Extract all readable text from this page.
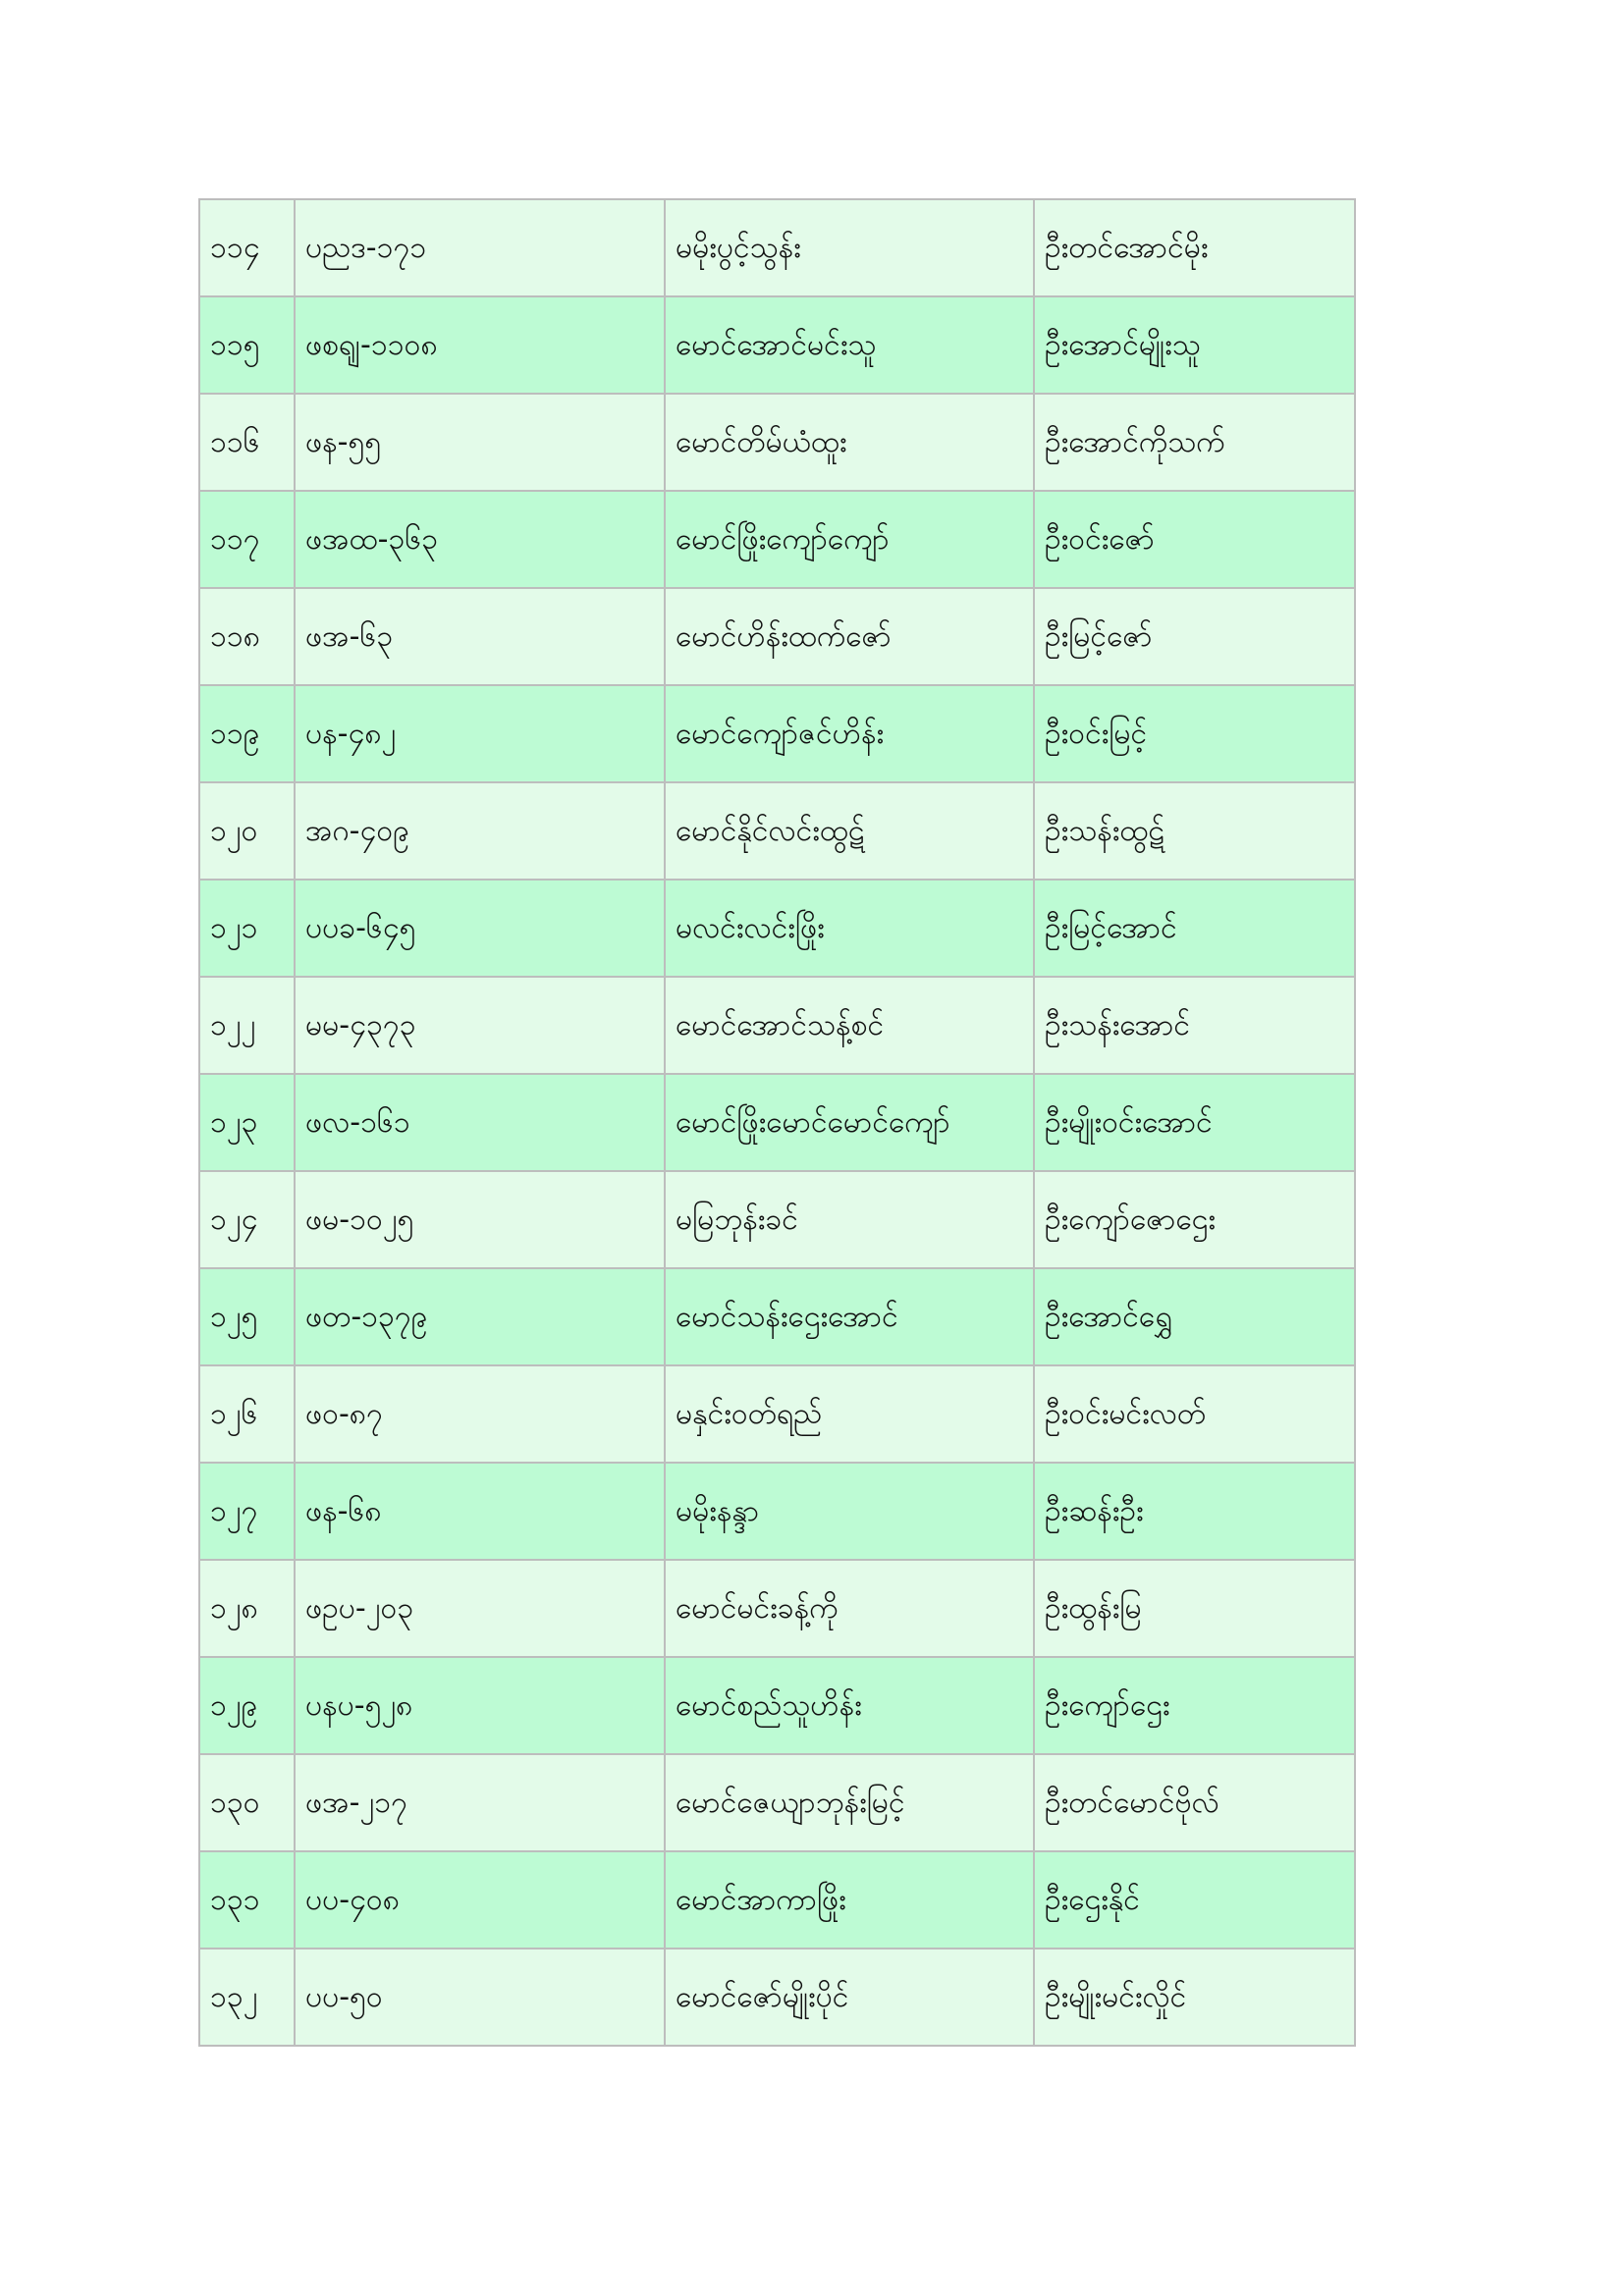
၁၁၄	ပညဒ-၁၇၁	မမိုးပွင့်သွန်း	ဦးတင်အောင်မိုး
၁၁၅	ဖစရျ-၁၁၀၈	မောင်အောင်မင်းသူ	ဦးအောင်မျိုးသူ
၁၁၆	ဖန-၅၅	မောင်တိမ်ယံထူး	ဦးအောင်ကိုသက်
၁၁၇	ဖအထ-၃၆၃	မောင်ဖြိုးကျော်ကျော်	ဦးဝင်းဇော်
၁၁၈	ဖအ-၆၃	မောင်ဟိန်းထက်ဇော်	ဦးမြင့်ဇော်
၁၁၉	ပန-၄၈၂	မောင်ကျော်ဇင်ဟိန်း	ဦးဝင်းမြင့်
၁၂၀	အဂ-၄၀၉	မောင်နိုင်လင်းထွဋ်	ဦးသန်းထွဋ်
၁၂၁	ပပခ-၆၄၅	မလင်းလင်းဖြိုး	ဦးမြင့်အောင်
၁၂၂	မမ-၄၃၇၃	မောင်အောင်သန့်စင်	ဦးသန်းအောင်
၁၂၃	ဖလ-၁၆၁	မောင်ဖြိုးမောင်မောင်ကျော်	ဦးမျိုးဝင်းအောင်
၁၂၄	ဖမ-၁၀၂၅	မမြဘုန်းခင်	ဦးကျော်ဇောဌေး
၁၂၅	ဖတ-၁၃၇၉	မောင်သန်းဌေးအောင်	ဦးအောင်ရွှေ
၁၂၆	ဖဝ-၈၇	မနှင်းဝတ်ရည်	ဦးဝင်းမင်းလတ်
၁၂၇	ဖန-၆၈	မမိုးနန္ဒာ	ဦးဆန်းဦး
၁၂၈	ဖဥပ-၂၀၃	မောင်မင်းခန့်ကို	ဦးထွန်းမြ
၁၂၉	ပနပ-၅၂၈	မောင်စည်သူဟိန်း	ဦးကျော်ဌေး
၁၃၀	ဖအ-၂၁၇	မောင်ဇေယျာဘုန်းမြင့်	ဦးတင်မောင်ဗိုလ်
၁၃၁	ပပ-၄၀၈	မောင်အာကာဖြိုး	ဦးဌေးနိုင်
၁၃၂	ပပ-၅၀	မောင်ဇော်မျိုးပိုင်	ဦးမျိုးမင်းလှိုင်
